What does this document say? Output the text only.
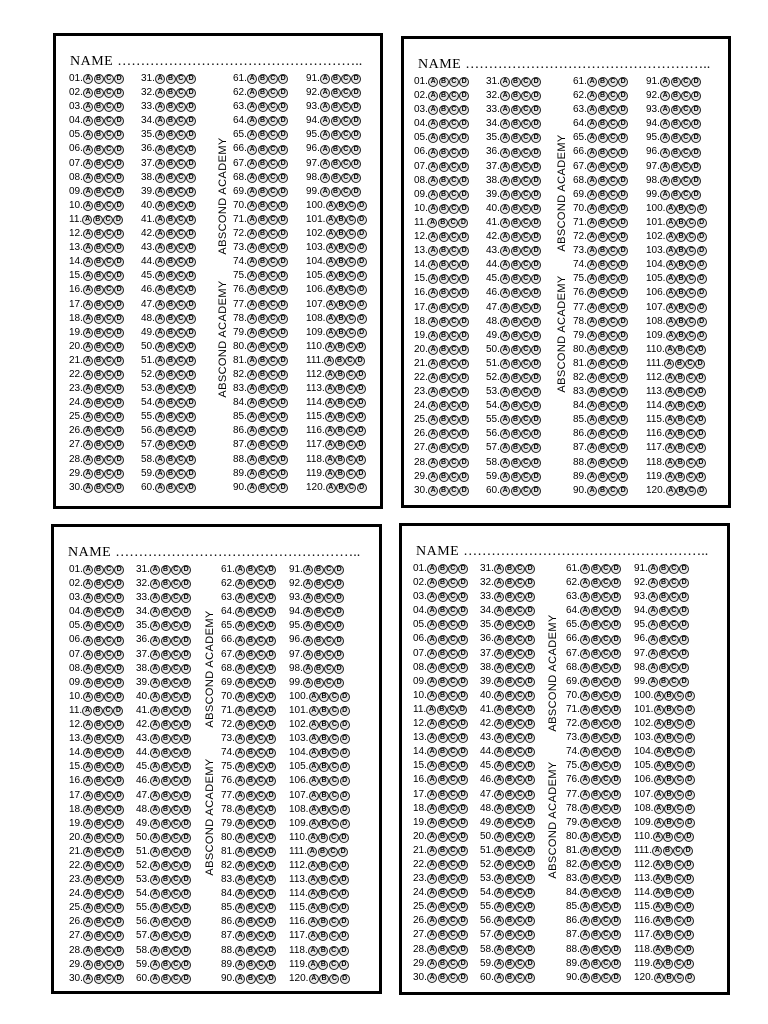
NAME ……………………………………………..
01. A B C D
02. A B C D
03. A B C D
04. A B C D
05. A B C D
06. A B C D
07. A B C D
08. A B C D
09. A B C D
10. A B C D
11. A B C D
12. A B C D
13. A B C D
14. A B C D
15. A B C D
16. A B C D
17. A B C D
18. A B C D
19. A B C D
20. A B C D
21. A B C D
22. A B C D
23. A B C D
24. A B C D
25. A B C D
26. A B C D
27. A B C D
28. A B C D
29. A B C D
30. A B C D
31. A B C D
32. A B C D
33. A B C D
34. A B C D
35. A B C D
36. A B C D
37. A B C D
38. A B C D
39. A B C D
40. A B C D
41. A B C D
42. A B C D
43. A B C D
44. A B C D
45. A B C D
46. A B C D
47. A B C D
48. A B C D
49. A B C D
50. A B C D
51. A B C D
52. A B C D
53. A B C D
54. A B C D
55. A B C D
56. A B C D
57. A B C D
58. A B C D
59. A B C D
60. A B C D
61. A B C D
62. A B C D
63. A B C D
64. A B C D
65. A B C D
66. A B C D
67. A B C D
68. A B C D
69. A B C D
70. A B C D
71. A B C D
72. A B C D
73. A B C D
74. A B C D
75. A B C D
76. A B C D
77. A B C D
78. A B C D
79. A B C D
80. A B C D
81. A B C D
82. A B C D
83. A B C D
84. A B C D
85. A B C D
86. A B C D
87. A B C D
88. A B C D
89. A B C D
90. A B C D
91. A B C D
92. A B C D
93. A B C D
94. A B C D
95. A B C D
96. A B C D
97. A B C D
98. A B C D
99. A B C D
100. A B C D
101. A B C D
102. A B C D
103. A B C D
104. A B C D
105. A B C D
106. A B C D
107. A B C D
108. A B C D
109. A B C D
110. A B C D
111. A B C D
112. A B C D
113. A B C D
114. A B C D
115. A B C D
116. A B C D
117. A B C D
118. A B C D
119. A B C D
120. A B C D
ABSCOND ACADEMY
ABSCOND ACADEMY
NAME ……………………………………………..
01. A B C D
02. A B C D
03. A B C D
04. A B C D
05. A B C D
06. A B C D
07. A B C D
08. A B C D
09. A B C D
10. A B C D
11. A B C D
12. A B C D
13. A B C D
14. A B C D
15. A B C D
16. A B C D
17. A B C D
18. A B C D
19. A B C D
20. A B C D
21. A B C D
22. A B C D
23. A B C D
24. A B C D
25. A B C D
26. A B C D
27. A B C D
28. A B C D
29. A B C D
30. A B C D
31. A B C D
32. A B C D
33. A B C D
34. A B C D
35. A B C D
36. A B C D
37. A B C D
38. A B C D
39. A B C D
40. A B C D
41. A B C D
42. A B C D
43. A B C D
44. A B C D
45. A B C D
46. A B C D
47. A B C D
48. A B C D
49. A B C D
50. A B C D
51. A B C D
52. A B C D
53. A B C D
54. A B C D
55. A B C D
56. A B C D
57. A B C D
58. A B C D
59. A B C D
60. A B C D
61. A B C D
62. A B C D
63. A B C D
64. A B C D
65. A B C D
66. A B C D
67. A B C D
68. A B C D
69. A B C D
70. A B C D
71. A B C D
72. A B C D
73. A B C D
74. A B C D
75. A B C D
76. A B C D
77. A B C D
78. A B C D
79. A B C D
80. A B C D
81. A B C D
82. A B C D
83. A B C D
84. A B C D
85. A B C D
86. A B C D
87. A B C D
88. A B C D
89. A B C D
90. A B C D
91. A B C D
92. A B C D
93. A B C D
94. A B C D
95. A B C D
96. A B C D
97. A B C D
98. A B C D
99. A B C D
100. A B C D
101. A B C D
102. A B C D
103. A B C D
104. A B C D
105. A B C D
106. A B C D
107. A B C D
108. A B C D
109. A B C D
110. A B C D
111. A B C D
112. A B C D
113. A B C D
114. A B C D
115. A B C D
116. A B C D
117. A B C D
118. A B C D
119. A B C D
120. A B C D
ABSCOND ACADEMY
ABSCOND ACADEMY
NAME ……………………………………………..
01. A B C D
02. A B C D
03. A B C D
04. A B C D
05. A B C D
06. A B C D
07. A B C D
08. A B C D
09. A B C D
10. A B C D
11. A B C D
12. A B C D
13. A B C D
14. A B C D
15. A B C D
16. A B C D
17. A B C D
18. A B C D
19. A B C D
20. A B C D
21. A B C D
22. A B C D
23. A B C D
24. A B C D
25. A B C D
26. A B C D
27. A B C D
28. A B C D
29. A B C D
30. A B C D
31. A B C D
32. A B C D
33. A B C D
34. A B C D
35. A B C D
36. A B C D
37. A B C D
38. A B C D
39. A B C D
40. A B C D
41. A B C D
42. A B C D
43. A B C D
44. A B C D
45. A B C D
46. A B C D
47. A B C D
48. A B C D
49. A B C D
50. A B C D
51. A B C D
52. A B C D
53. A B C D
54. A B C D
55. A B C D
56. A B C D
57. A B C D
58. A B C D
59. A B C D
60. A B C D
61. A B C D
62. A B C D
63. A B C D
64. A B C D
65. A B C D
66. A B C D
67. A B C D
68. A B C D
69. A B C D
70. A B C D
71. A B C D
72. A B C D
73. A B C D
74. A B C D
75. A B C D
76. A B C D
77. A B C D
78. A B C D
79. A B C D
80. A B C D
81. A B C D
82. A B C D
83. A B C D
84. A B C D
85. A B C D
86. A B C D
87. A B C D
88. A B C D
89. A B C D
90. A B C D
91. A B C D
92. A B C D
93. A B C D
94. A B C D
95. A B C D
96. A B C D
97. A B C D
98. A B C D
99. A B C D
100. A B C D
101. A B C D
102. A B C D
103. A B C D
104. A B C D
105. A B C D
106. A B C D
107. A B C D
108. A B C D
109. A B C D
110. A B C D
111. A B C D
112. A B C D
113. A B C D
114. A B C D
115. A B C D
116. A B C D
117. A B C D
118. A B C D
119. A B C D
120. A B C D
ABSCOND ACADEMY
ABSCOND ACADEMY
NAME ……………………………………………..
01. A B C D
02. A B C D
03. A B C D
04. A B C D
05. A B C D
06. A B C D
07. A B C D
08. A B C D
09. A B C D
10. A B C D
11. A B C D
12. A B C D
13. A B C D
14. A B C D
15. A B C D
16. A B C D
17. A B C D
18. A B C D
19. A B C D
20. A B C D
21. A B C D
22. A B C D
23. A B C D
24. A B C D
25. A B C D
26. A B C D
27. A B C D
28. A B C D
29. A B C D
30. A B C D
31. A B C D
32. A B C D
33. A B C D
34. A B C D
35. A B C D
36. A B C D
37. A B C D
38. A B C D
39. A B C D
40. A B C D
41. A B C D
42. A B C D
43. A B C D
44. A B C D
45. A B C D
46. A B C D
47. A B C D
48. A B C D
49. A B C D
50. A B C D
51. A B C D
52. A B C D
53. A B C D
54. A B C D
55. A B C D
56. A B C D
57. A B C D
58. A B C D
59. A B C D
60. A B C D
61. A B C D
62. A B C D
63. A B C D
64. A B C D
65. A B C D
66. A B C D
67. A B C D
68. A B C D
69. A B C D
70. A B C D
71. A B C D
72. A B C D
73. A B C D
74. A B C D
75. A B C D
76. A B C D
77. A B C D
78. A B C D
79. A B C D
80. A B C D
81. A B C D
82. A B C D
83. A B C D
84. A B C D
85. A B C D
86. A B C D
87. A B C D
88. A B C D
89. A B C D
90. A B C D
91. A B C D
92. A B C D
93. A B C D
94. A B C D
95. A B C D
96. A B C D
97. A B C D
98. A B C D
99. A B C D
100. A B C D
101. A B C D
102. A B C D
103. A B C D
104. A B C D
105. A B C D
106. A B C D
107. A B C D
108. A B C D
109. A B C D
110. A B C D
111. A B C D
112. A B C D
113. A B C D
114. A B C D
115. A B C D
116. A B C D
117. A B C D
118. A B C D
119. A B C D
120. A B C D
ABSCOND ACADEMY
ABSCOND ACADEMY
